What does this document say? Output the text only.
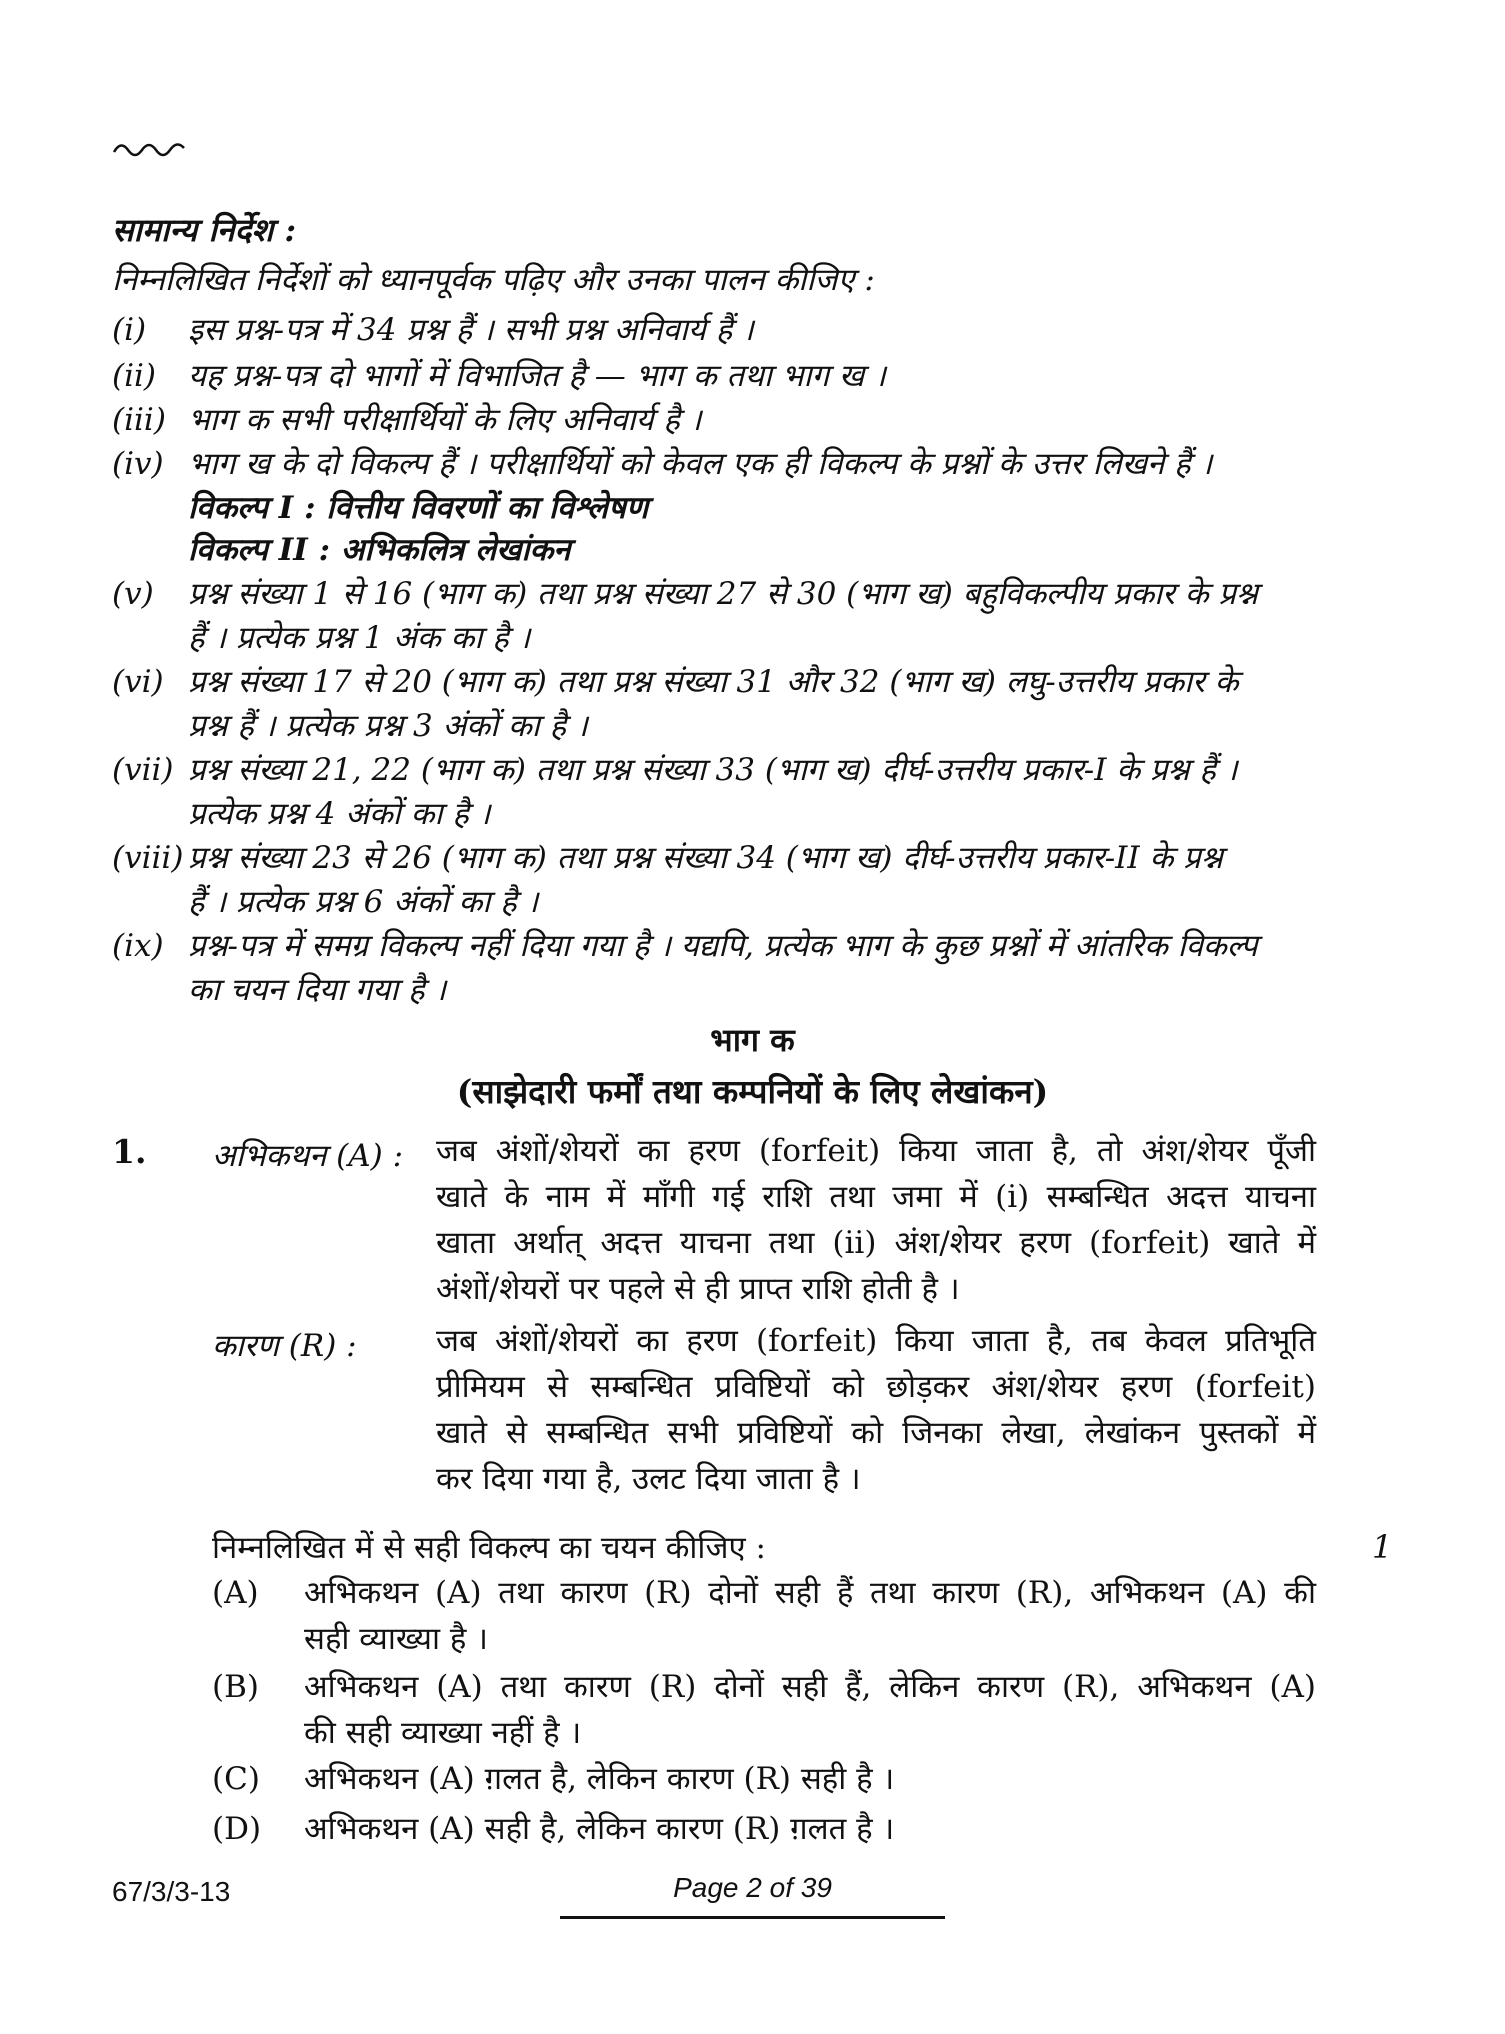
सामान्य निर्देश :
निम्नलिखित निर्देशों को ध्यानपूर्वक पढ़िए और उनका पालन कीजिए :
(i) इस प्रश्न-पत्र में 34 प्रश्न हैं । सभी प्रश्न अनिवार्य हैं ।
(ii) यह प्रश्न-पत्र दो भागों में विभाजित है — भाग क तथा भाग ख ।
(iii) भाग क सभी परीक्षार्थियों के लिए अनिवार्य है ।
(iv) भाग ख के दो विकल्प हैं । परीक्षार्थियों को केवल एक ही विकल्प के प्रश्नों के उत्तर लिखने हैं ।
विकल्प I : वित्तीय विवरणों का विश्लेषण
विकल्प II : अभिकलित्र लेखांकन
(v) प्रश्न संख्या 1 से 16 (भाग क) तथा प्रश्न संख्या 27 से 30 (भाग ख) बहुविकल्पीय प्रकार के प्रश्न
हैं । प्रत्येक प्रश्न 1 अंक का है ।
(vi) प्रश्न संख्या 17 से 20 (भाग क) तथा प्रश्न संख्या 31 और 32 (भाग ख) लघु-उत्तरीय प्रकार के
प्रश्न हैं । प्रत्येक प्रश्न 3 अंकों का है ।
(vii) प्रश्न संख्या 21, 22 (भाग क) तथा प्रश्न संख्या 33 (भाग ख) दीर्घ-उत्तरीय प्रकार-I के प्रश्न हैं ।
प्रत्येक प्रश्न 4 अंकों का है ।
(viii) प्रश्न संख्या 23 से 26 (भाग क) तथा प्रश्न संख्या 34 (भाग ख) दीर्घ-उत्तरीय प्रकार-II के प्रश्न
हैं । प्रत्येक प्रश्न 6 अंकों का है ।
(ix) प्रश्न-पत्र में समग्र विकल्प नहीं दिया गया है । यद्यपि, प्रत्येक भाग के कुछ प्रश्नों में आंतरिक विकल्प
का चयन दिया गया है ।
भाग क
(साझेदारी फर्मों तथा कम्पनियों के लिए लेखांकन)
1. अभिकथन (A) : जब अंशों/शेयरों का हरण (forfeit) किया जाता है, तो अंश/शेयर पूँजी
खाते के नाम में माँगी गई राशि तथा जमा में (i) सम्बन्धित अदत्त याचना
खाता अर्थात् अदत्त याचना तथा (ii) अंश/शेयर हरण (forfeit) खाते में
अंशों/शेयरों पर पहले से ही प्राप्त राशि होती है ।
कारण (R) :	जब अंशों/शेयरों का हरण (forfeit) किया जाता है, तब केवल प्रतिभूति
प्रीमियम से सम्बन्धित प्रविष्टियों को छोड़कर अंश/शेयर हरण (forfeit)
खाते से सम्बन्धित सभी प्रविष्टियों को जिनका लेखा, लेखांकन पुस्तकों में
कर दिया गया है, उलट दिया जाता है ।
निम्नलिखित में से सही विकल्प का चयन कीजिए :	1
(A) अभिकथन (A) तथा कारण (R) दोनों सही हैं तथा कारण (R), अभिकथन (A) की
सही व्याख्या है ।
(B) अभिकथन (A) तथा कारण (R) दोनों सही हैं, लेकिन कारण (R), अभिकथन (A)
की सही व्याख्या नहीं है ।
(C) अभिकथन (A) ग़लत है, लेकिन कारण (R) सही है ।
(D) अभिकथन (A) सही है, लेकिन कारण (R) ग़लत है ।
67/3/3-13	Page 2 of 39
